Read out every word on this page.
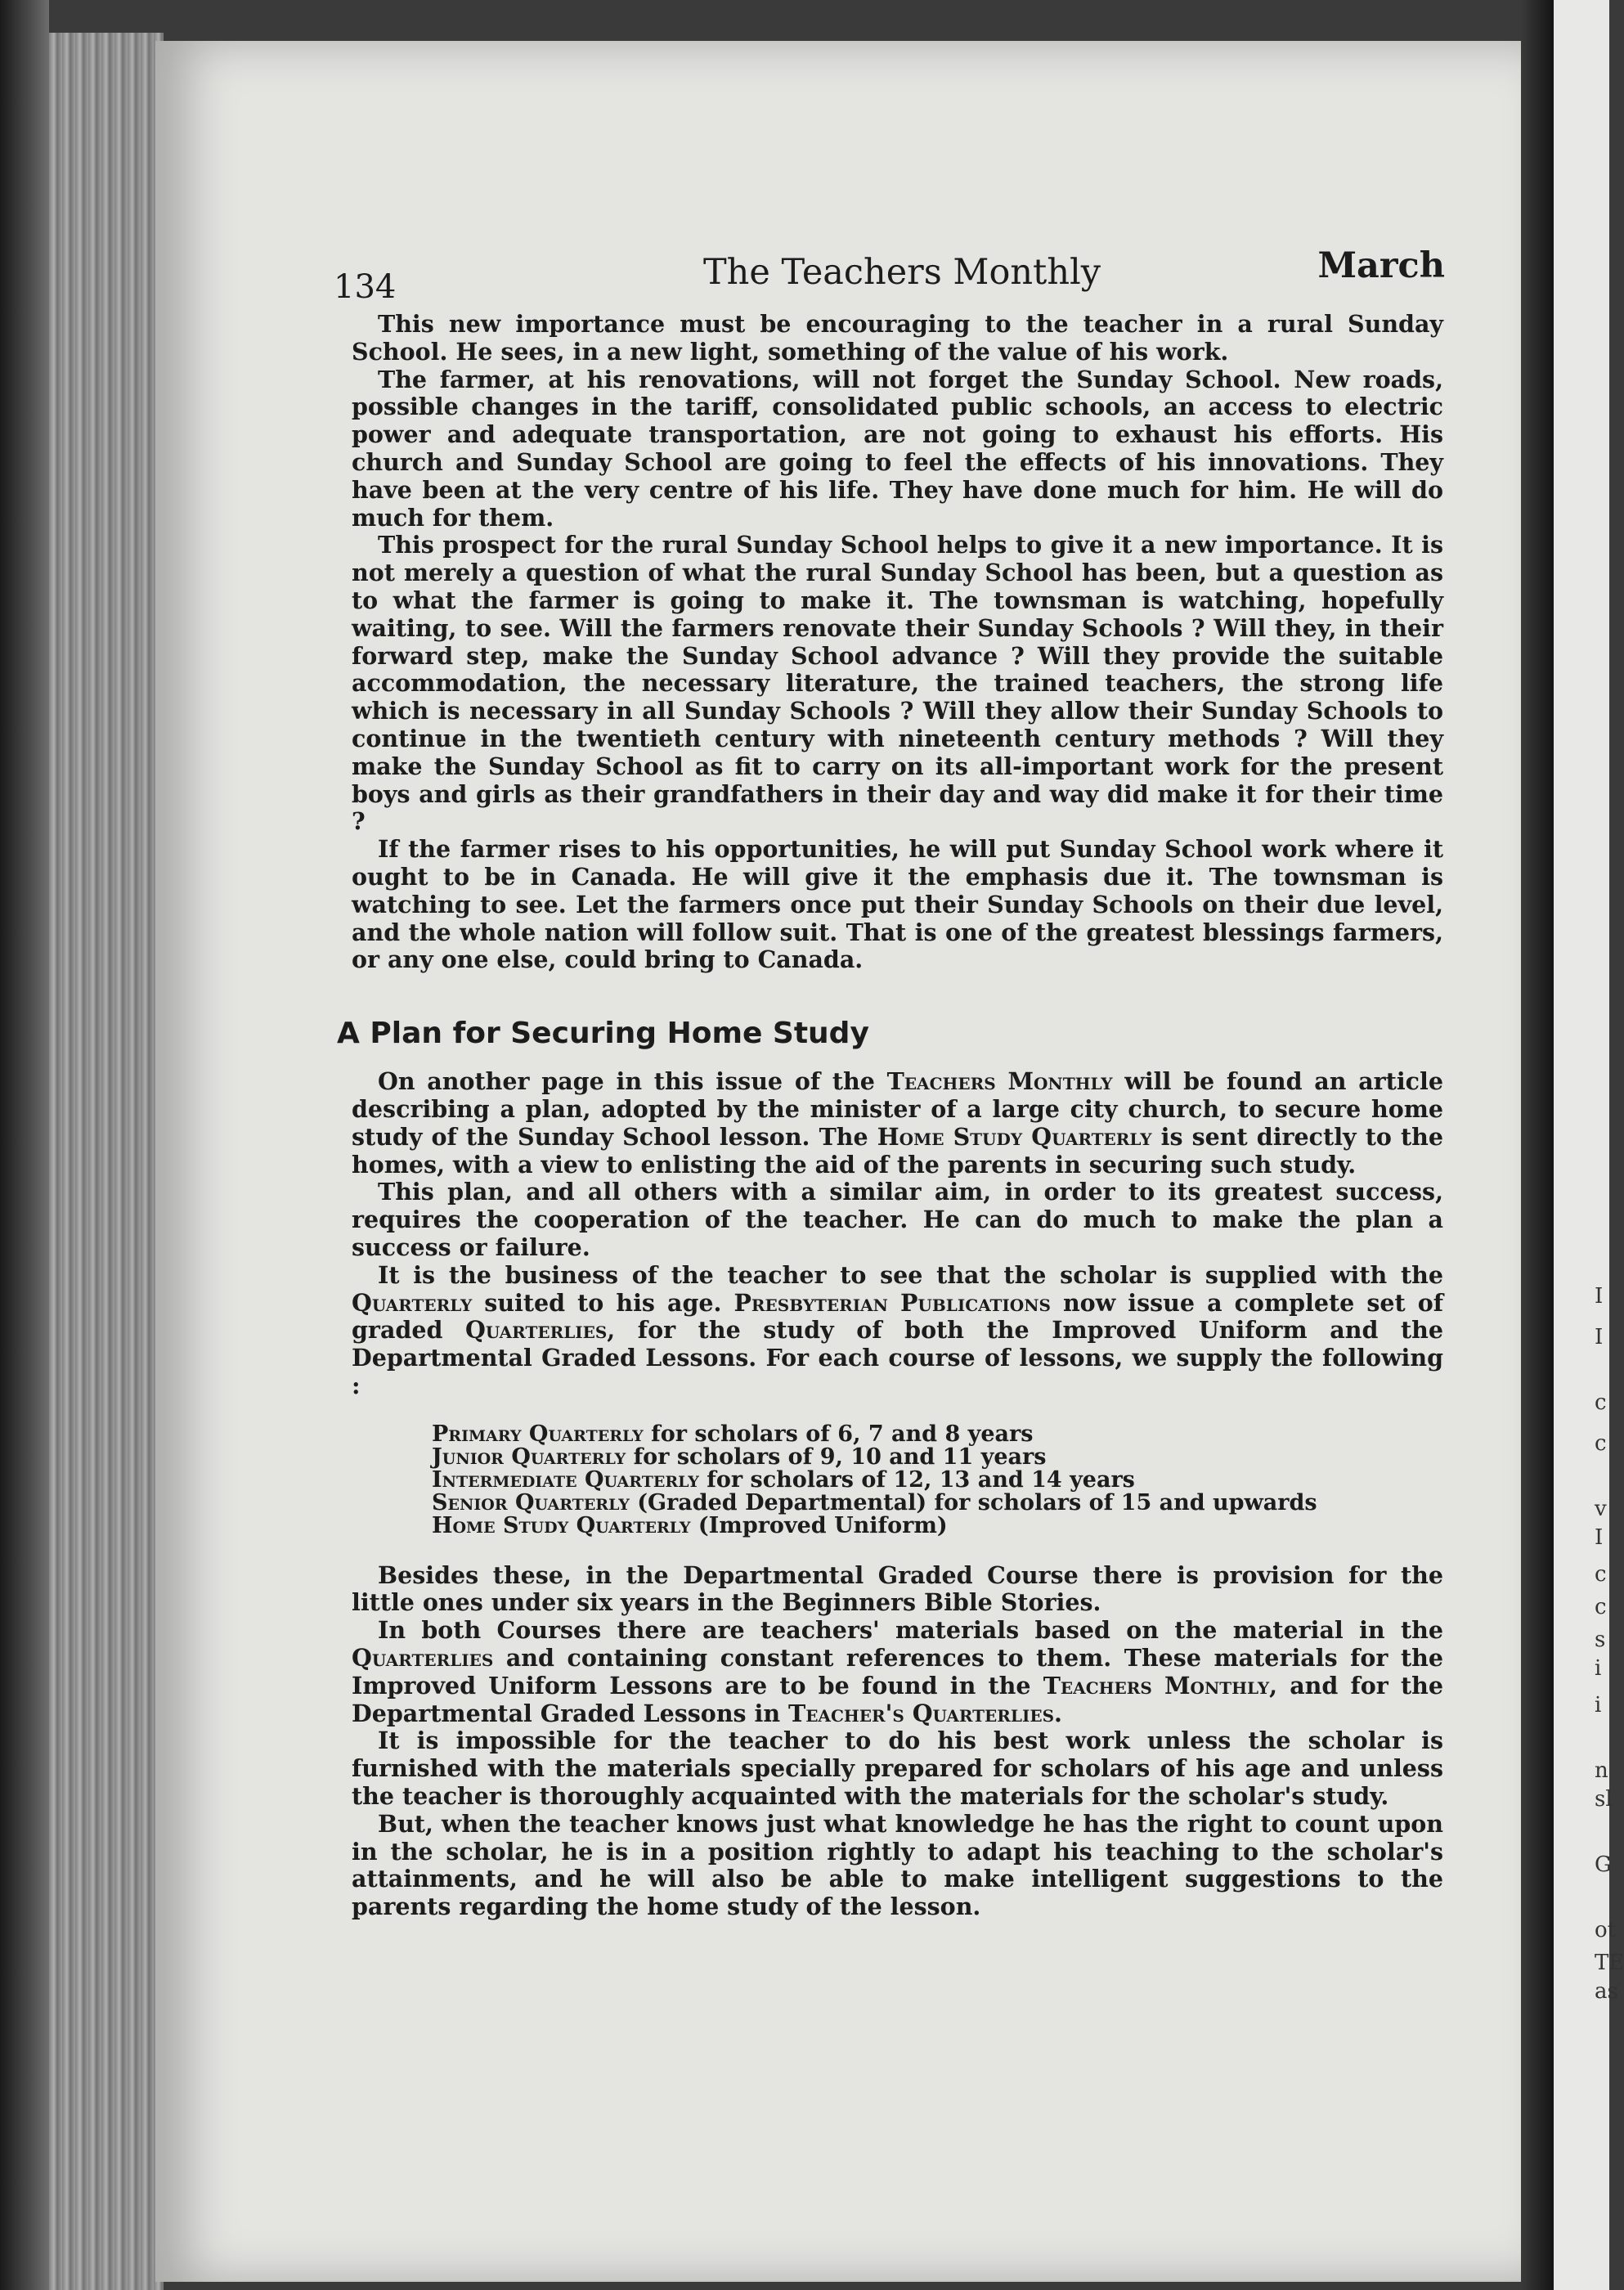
I
I
c
c
v
I
c
c
s
i
i
n
sl
G
ot
TE
as
134	The Teachers Monthly	March

This new importance must be encouraging to the teacher in a rural Sunday School. He sees, in a new light, something of the value of his work.

The farmer, at his renovations, will not forget the Sunday School. New roads, possible changes in the tariff, consolidated public schools, an access to electric power and adequate transportation, are not going to exhaust his efforts. His church and Sunday School are going to feel the effects of his innovations. They have been at the very centre of his life. They have done much for him. He will do much for them.

This prospect for the rural Sunday School helps to give it a new importance. It is not merely a question of what the rural Sunday School has been, but a question as to what the farmer is going to make it. The townsman is watching, hopefully waiting, to see. Will the farmers renovate their Sunday Schools ? Will they, in their forward step, make the Sunday School advance ? Will they provide the suitable accommodation, the necessary literature, the trained teachers, the strong life which is necessary in all Sunday Schools ? Will they allow their Sunday Schools to continue in the twentieth century with nineteenth century methods ? Will they make the Sunday School as fit to carry on its all-important work for the present boys and girls as their grandfathers in their day and way did make it for their time ?

If the farmer rises to his opportunities, he will put Sunday School work where it ought to be in Canada. He will give it the emphasis due it. The townsman is watching to see. Let the farmers once put their Sunday Schools on their due level, and the whole nation will follow suit. That is one of the greatest blessings farmers, or any one else, could bring to Canada.

A Plan for Securing Home Study

On another page in this issue of the Teachers Monthly will be found an article describing a plan, adopted by the minister of a large city church, to secure home study of the Sunday School lesson. The Home Study Quarterly is sent directly to the homes, with a view to enlisting the aid of the parents in securing such study.

This plan, and all others with a similar aim, in order to its greatest success, requires the cooperation of the teacher. He can do much to make the plan a success or failure.

It is the business of the teacher to see that the scholar is supplied with the Quarterly suited to his age. Presbyterian Publications now issue a complete set of graded Quarterlies, for the study of both the Improved Uniform and the Departmental Graded Lessons. For each course of lessons, we supply the following :

Primary Quarterly for scholars of 6, 7 and 8 years
Junior Quarterly for scholars of 9, 10 and 11 years
Intermediate Quarterly for scholars of 12, 13 and 14 years
Senior Quarterly (Graded Departmental) for scholars of 15 and upwards
Home Study Quarterly (Improved Uniform)

Besides these, in the Departmental Graded Course there is provision for the little ones under six years in the Beginners Bible Stories.

In both Courses there are teachers' materials based on the material in the Quarterlies and containing constant references to them. These materials for the Improved Uniform Lessons are to be found in the Teachers Monthly, and for the Departmental Graded Lessons in Teacher's Quarterlies.

It is impossible for the teacher to do his best work unless the scholar is furnished with the materials specially prepared for scholars of his age and unless the teacher is thoroughly acquainted with the materials for the scholar's study.

But, when the teacher knows just what knowledge he has the right to count upon in the scholar, he is in a position rightly to adapt his teaching to the scholar's attainments, and he will also be able to make intelligent suggestions to the parents regarding the home study of the lesson.
